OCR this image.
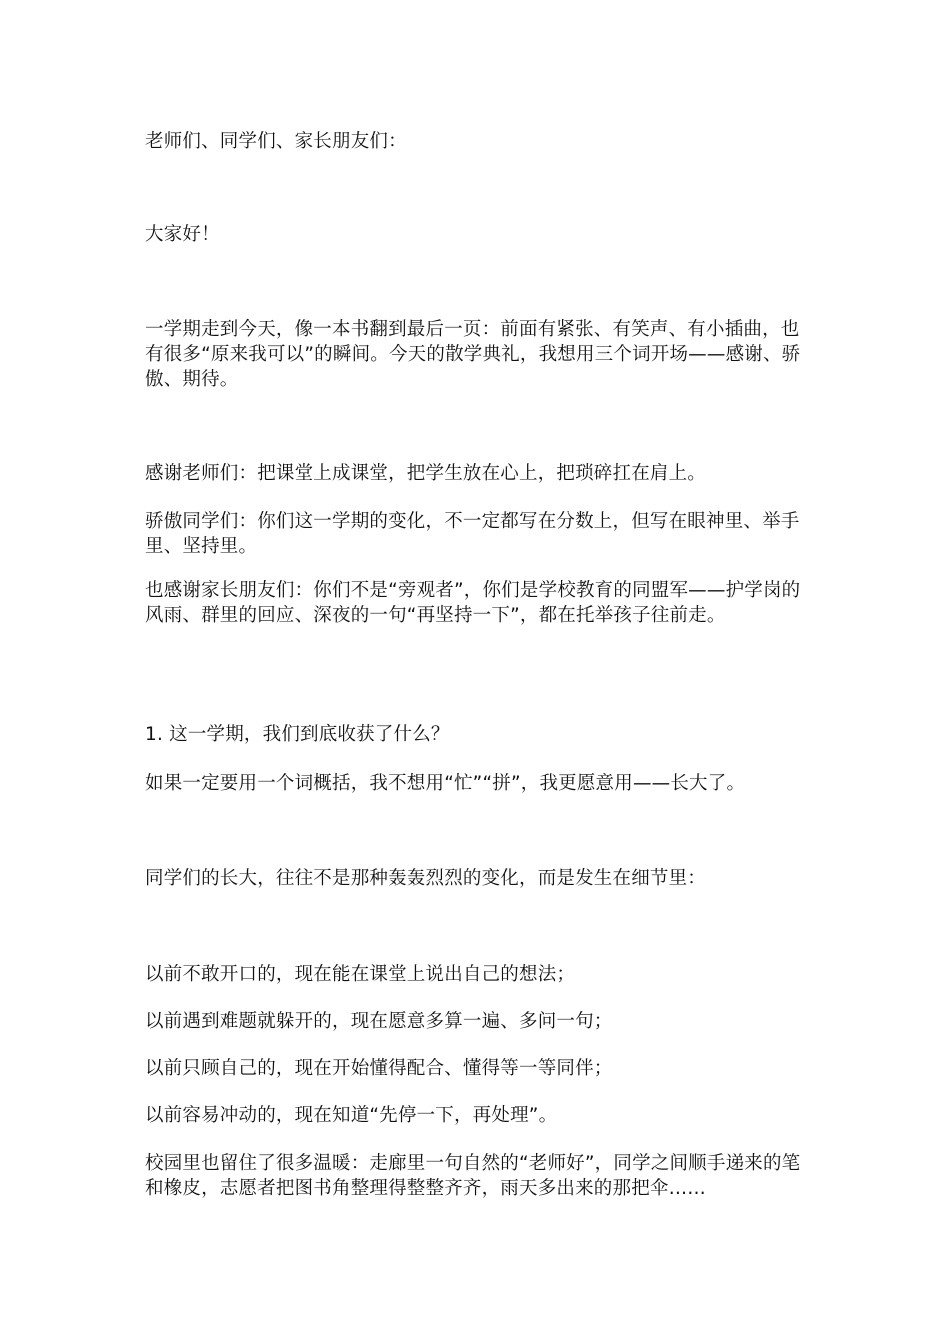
老师们、同学们、家长朋友们：

大家好！

一学期走到今天，像一本书翻到最后一页：前面有紧张、有笑声、有小插曲，也有很多“原来我可以”的瞬间。今天的散学典礼，我想用三个词开场——感谢、骄傲、期待。

感谢老师们：把课堂上成课堂，把学生放在心上，把琐碎扛在肩上。

骄傲同学们：你们这一学期的变化，不一定都写在分数上，但写在眼神里、举手里、坚持里。

也感谢家长朋友们：你们不是“旁观者”，你们是学校教育的同盟军——护学岗的风雨、群里的回应、深夜的一句“再坚持一下”，都在托举孩子往前走。

1. 这一学期，我们到底收获了什么？

如果一定要用一个词概括，我不想用“忙”“拼”，我更愿意用——长大了。

同学们的长大，往往不是那种轰轰烈烈的变化，而是发生在细节里：

以前不敢开口的，现在能在课堂上说出自己的想法；

以前遇到难题就躲开的，现在愿意多算一遍、多问一句；

以前只顾自己的，现在开始懂得配合、懂得等一等同伴；

以前容易冲动的，现在知道“先停一下，再处理”。

校园里也留住了很多温暖：走廊里一句自然的“老师好”，同学之间顺手递来的笔和橡皮，志愿者把图书角整理得整整齐齐，雨天多出来的那把伞……
